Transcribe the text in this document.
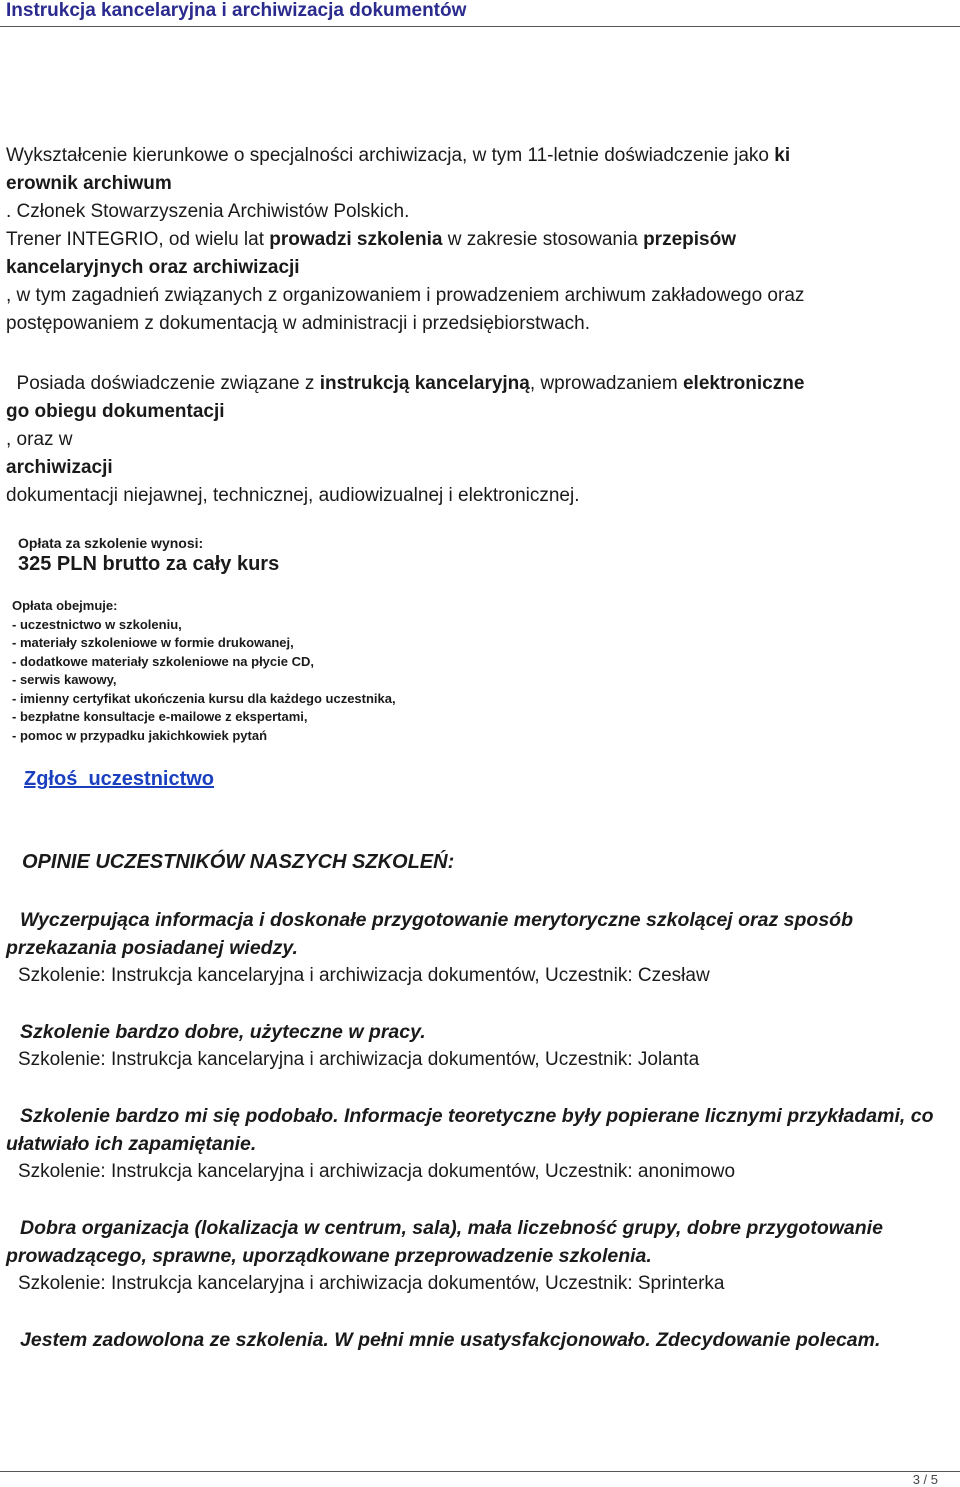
Instrukcja kancelaryjna i archiwizacja dokumentów

Wykształcenie kierunkowe o specjalności archiwizacja, w tym 11-letnie doświadczenie jako ki

erownik archiwum

. Członek Stowarzyszenia Archiwistów Polskich.

Trener INTEGRIO, od wielu lat prowadzi szkolenia w zakresie stosowania przepisów

kancelaryjnych oraz archiwizacji

, w tym zagadnień związanych z organizowaniem i prowadzeniem archiwum zakładowego oraz

postępowaniem z dokumentacją w administracji i przedsiębiorstwach.

Posiada doświadczenie związane z instrukcją kancelaryjną, wprowadzaniem elektroniczne

go obiegu dokumentacji

, oraz w

archiwizacji

dokumentacji niejawnej, technicznej, audiowizualnej i elektronicznej.

Opłata za szkolenie wynosi:
325 PLN brutto za cały kurs
Opłata obejmuje:
- uczestnictwo w szkoleniu,
- materiały szkoleniowe w formie drukowanej,
- dodatkowe materiały szkoleniowe na płycie CD,
- serwis kawowy,
- imienny certyfikat ukończenia kursu dla każdego uczestnika,
- bezpłatne konsultacje e-mailowe z ekspertami,
- pomoc w przypadku jakichkowiek pytań
Zgłoś  uczestnictwo
OPINIE UCZESTNIKÓW NASZYCH SZKOLEŃ:
Wyczerpująca informacja i doskonałe przygotowanie merytoryczne szkolącej oraz sposób przekazania posiadanej wiedzy.
Szkolenie: Instrukcja kancelaryjna i archiwizacja dokumentów, Uczestnik: Czesław
Szkolenie bardzo dobre, użyteczne w pracy.
Szkolenie: Instrukcja kancelaryjna i archiwizacja dokumentów, Uczestnik: Jolanta
Szkolenie bardzo mi się podobało. Informacje teoretyczne były popierane licznymi przykładami, co ułatwiało ich zapamiętanie.
Szkolenie: Instrukcja kancelaryjna i archiwizacja dokumentów, Uczestnik: anonimowo
Dobra organizacja (lokalizacja w centrum, sala), mała liczebność grupy, dobre przygotowanie prowadzącego, sprawne, uporządkowane przeprowadzenie szkolenia.
Szkolenie: Instrukcja kancelaryjna i archiwizacja dokumentów, Uczestnik: Sprinterka
Jestem zadowolona ze szkolenia. W pełni mnie usatysfakcjonowało. Zdecydowanie polecam.
3 / 5
